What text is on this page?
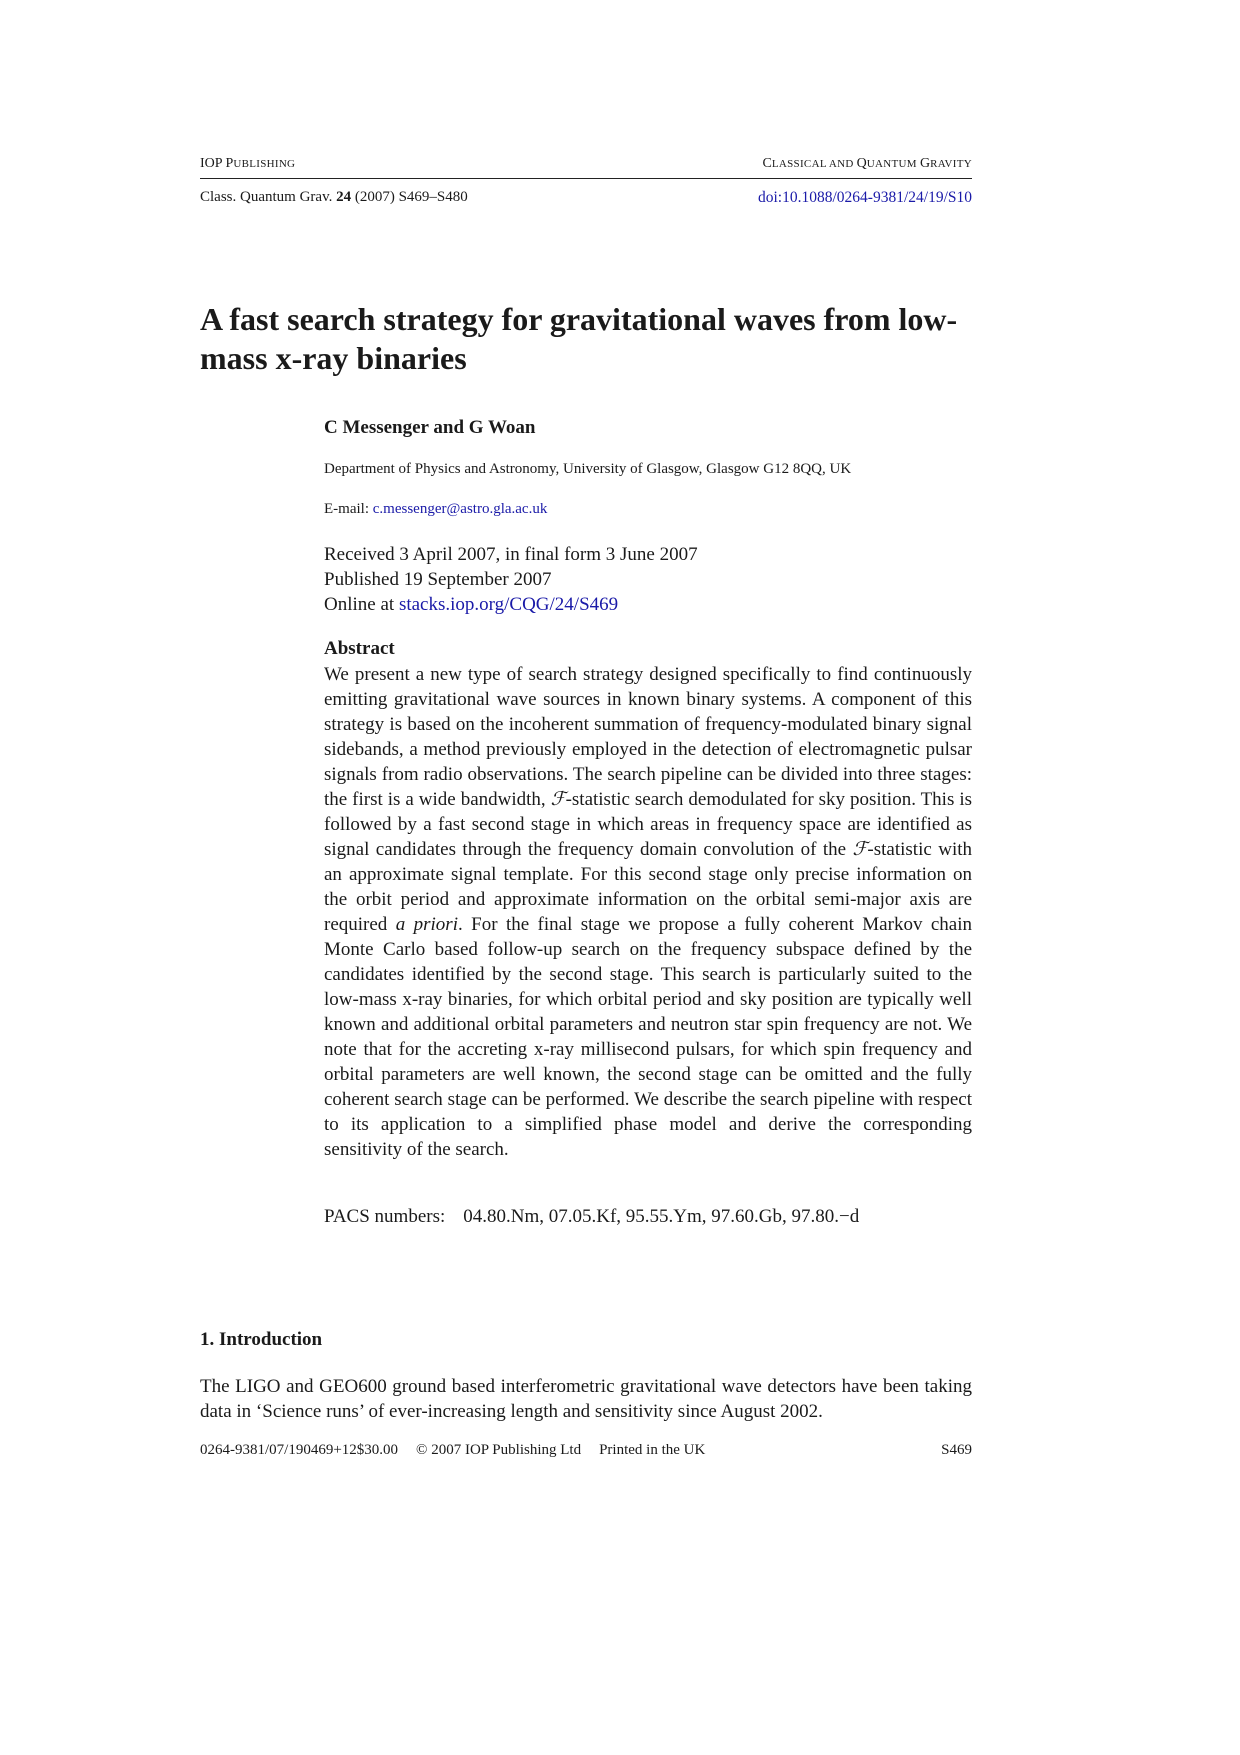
IOP PUBLISHING	CLASSICAL AND QUANTUM GRAVITY
Class. Quantum Grav. 24 (2007) S469–S480	doi:10.1088/0264-9381/24/19/S10
A fast search strategy for gravitational waves from low-mass x-ray binaries
C Messenger and G Woan
Department of Physics and Astronomy, University of Glasgow, Glasgow G12 8QQ, UK
E-mail: c.messenger@astro.gla.ac.uk
Received 3 April 2007, in final form 3 June 2007
Published 19 September 2007
Online at stacks.iop.org/CQG/24/S469
Abstract

We present a new type of search strategy designed specifically to find continuously emitting gravitational wave sources in known binary systems. A component of this strategy is based on the incoherent summation of frequency-modulated binary signal sidebands, a method previously employed in the detection of electromagnetic pulsar signals from radio observations. The search pipeline can be divided into three stages: the first is a wide bandwidth, ℱ-statistic search demodulated for sky position. This is followed by a fast second stage in which areas in frequency space are identified as signal candidates through the frequency domain convolution of the ℱ-statistic with an approximate signal template. For this second stage only precise information on the orbit period and approximate information on the orbital semi-major axis are required a priori. For the final stage we propose a fully coherent Markov chain Monte Carlo based follow-up search on the frequency subspace defined by the candidates identified by the second stage. This search is particularly suited to the low-mass x-ray binaries, for which orbital period and sky position are typically well known and additional orbital parameters and neutron star spin frequency are not. We note that for the accreting x-ray millisecond pulsars, for which spin frequency and orbital parameters are well known, the second stage can be omitted and the fully coherent search stage can be performed. We describe the search pipeline with respect to its application to a simplified phase model and derive the corresponding sensitivity of the search.

PACS numbers: 04.80.Nm, 07.05.Kf, 95.55.Ym, 97.60.Gb, 97.80.−d
1. Introduction

The LIGO and GEO600 ground based interferometric gravitational wave detectors have been taking data in ‘Science runs’ of ever-increasing length and sensitivity since August 2002.

0264-9381/07/190469+12$30.00 © 2007 IOP Publishing Ltd Printed in the UK	S469
